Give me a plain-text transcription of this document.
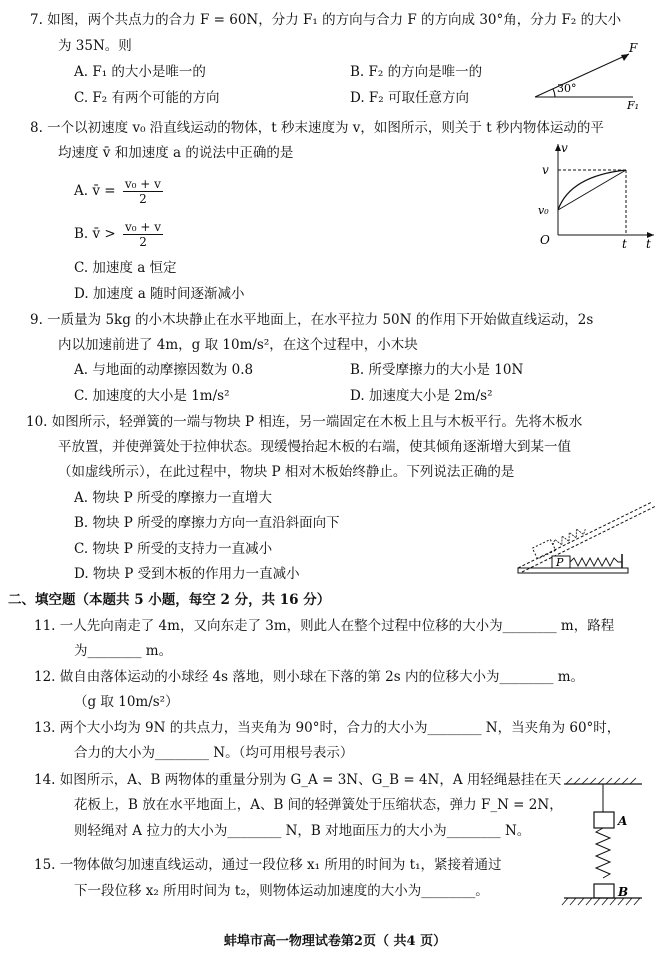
7. 如图，两个共点力的合力 F = 60N，分力 F₁ 的方向与合力 F 的方向成 30°角，分力 F₂ 的大小
为 35N。则
A. F₁ 的大小是唯一的	B. F₂ 的方向是唯一的
C. F₂ 有两个可能的方向	D. F₂ 可取任意方向
30°
F
F₁
8. 一个以初速度 v₀ 沿直线运动的物体，t 秒末速度为 v，如图所示，则关于 t 秒内物体运动的平
均速度 v̄ 和加速度 a 的说法中正确的是
A. v̄ = $\frac{\text{v₀ + v}}{2}$
B. v̄ > $\frac{\text{v₀ + v}}{2}$
C. 加速度 a 恒定
D. 加速度 a 随时间逐渐减小
v
v
v₀
O	t t
9. 一质量为 5kg 的小木块静止在水平地面上，在水平拉力 50N 的作用下开始做直线运动，2s
内以加速前进了 4m，g 取 10m/s²，在这个过程中，小木块
A. 与地面的动摩擦因数为 0.8	B. 所受摩擦力的大小是 10N
C. 加速度的大小是 1m/s²	D. 加速度大小是 2m/s²
10. 如图所示，轻弹簧的一端与物块 P 相连，另一端固定在木板上且与木板平行。先将木板水
平放置，并使弹簧处于拉伸状态。现缓慢抬起木板的右端，使其倾角逐渐增大到某一值
（如虚线所示），在此过程中，物块 P 相对木板始终静止。下列说法正确的是
A. 物块 P 所受的摩擦力一直增大
B. 物块 P 所受的摩擦力方向一直沿斜面向下
C. 物块 P 所受的支持力一直减小
D. 物块 P 受到木板的作用力一直减小
P
二、填空题（本题共 5 小题，每空 2 分，共 16 分）
11. 一人先向南走了 4m，又向东走了 3m，则此人在整个过程中位移的大小为________ m，路程
为________ m。
12. 做自由落体运动的小球经 4s 落地，则小球在下落的第 2s 内的位移大小为________ m。
（g 取 10m/s²）
13. 两个大小均为 9N 的共点力，当夹角为 90°时，合力的大小为________ N，当夹角为 60°时，
合力的大小为________ N。（均可用根号表示）
14. 如图所示，A、B 两物体的重量分别为 G_A = 3N、G_B = 4N，A 用轻绳悬挂在天
花板上，B 放在水平地面上，A、B 间的轻弹簧处于压缩状态，弹力 F_N = 2N，
则轻绳对 A 拉力的大小为________ N，B 对地面压力的大小为________ N。
15. 一物体做匀加速直线运动，通过一段位移 x₁ 所用的时间为 t₁，紧接着通过
下一段位移 x₂ 所用时间为 t₂，则物体运动加速度的大小为________。
A
B
蚌埠市高一物理试卷第2页（ 共4 页）
